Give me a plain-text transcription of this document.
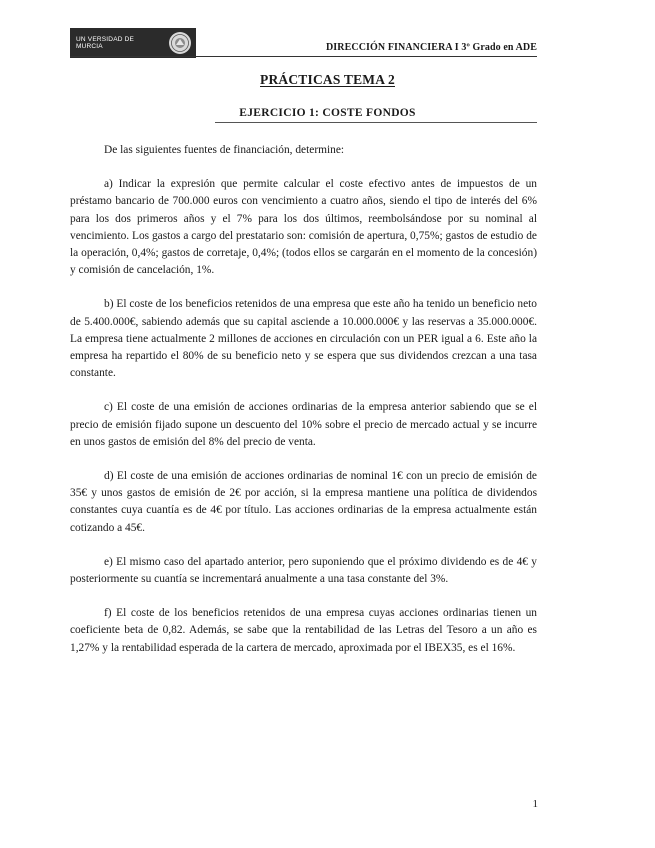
UN VERSIDAD DE
MURCIA	DIRECCIÓN FINANCIERA I 3º Grado en ADE
PRÁCTICAS TEMA 2
EJERCICIO 1: COSTE FONDOS

De las siguientes fuentes de financiación, determine:

a) Indicar la expresión que permite calcular el coste efectivo antes de impuestos de un préstamo bancario de 700.000 euros con vencimiento a cuatro años, siendo el tipo de interés del 6% para los dos primeros años y el 7% para los dos últimos, reembolsándose por su nominal al vencimiento. Los gastos a cargo del prestatario son: comisión de apertura, 0,75%; gastos de estudio de la operación, 0,4%; gastos de corretaje, 0,4%; (todos ellos se cargarán en el momento de la concesión) y comisión de cancelación, 1%.

b) El coste de los beneficios retenidos de una empresa que este año ha tenido un beneficio neto de 5.400.000€, sabiendo además que su capital asciende a 10.000.000€ y las reservas a 35.000.000€. La empresa tiene actualmente 2 millones de acciones en circulación con un PER igual a 6. Este año la empresa ha repartido el 80% de su beneficio neto y se espera que sus dividendos crezcan a una tasa constante.

c) El coste de una emisión de acciones ordinarias de la empresa anterior sabiendo que se el precio de emisión fijado supone un descuento del 10% sobre el precio de mercado actual y se incurre en unos gastos de emisión del 8% del precio de venta.

d) El coste de una emisión de acciones ordinarias de nominal 1€ con un precio de emisión de 35€ y unos gastos de emisión de 2€ por acción, si la empresa mantiene una política de dividendos constantes cuya cuantía es de 4€ por título. Las acciones ordinarias de la empresa actualmente están cotizando a 45€.

e) El mismo caso del apartado anterior, pero suponiendo que el próximo dividendo es de 4€ y posteriormente su cuantía se incrementará anualmente a una tasa constante del 3%.

f) El coste de los beneficios retenidos de una empresa cuyas acciones ordinarias tienen un coeficiente beta de 0,82. Además, se sabe que la rentabilidad de las Letras del Tesoro a un año es 1,27% y la rentabilidad esperada de la cartera de mercado, aproximada por el IBEX35, es el 16%.

1
